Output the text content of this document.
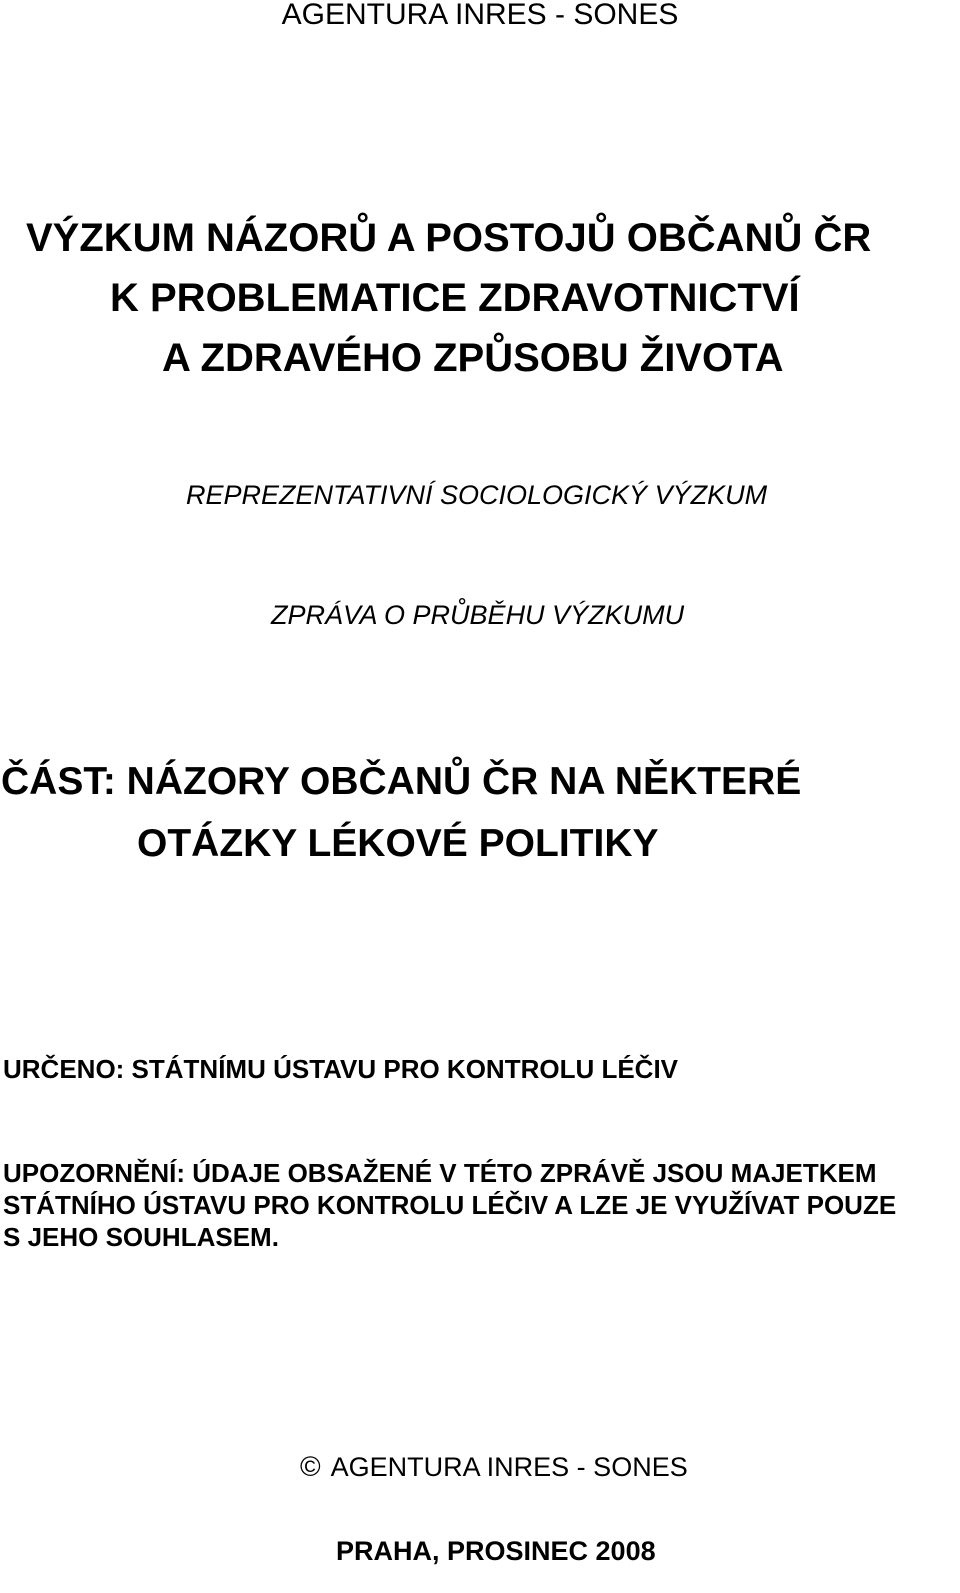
AGENTURA INRES - SONES

VÝZKUM NÁZORŮ A POSTOJŮ OBČANŮ ČR

K PROBLEMATICE ZDRAVOTNICTVÍ

A ZDRAVÉHO ZPŮSOBU ŽIVOTA

REPREZENTATIVNÍ SOCIOLOGICKÝ VÝZKUM

ZPRÁVA O PRŮBĚHU VÝZKUMU

ČÁST: NÁZORY OBČANŮ ČR NA NĚKTERÉ

OTÁZKY LÉKOVÉ POLITIKY

URČENO: STÁTNÍMU ÚSTAVU PRO KONTROLU LÉČIV

UPOZORNĚNÍ: ÚDAJE OBSAŽENÉ V TÉTO ZPRÁVĚ JSOU MAJETKEM

STÁTNÍHO ÚSTAVU PRO KONTROLU LÉČIV A LZE JE VYUŽÍVAT POUZE

S JEHO SOUHLASEM.

© AGENTURA INRES - SONES

PRAHA, PROSINEC 2008
